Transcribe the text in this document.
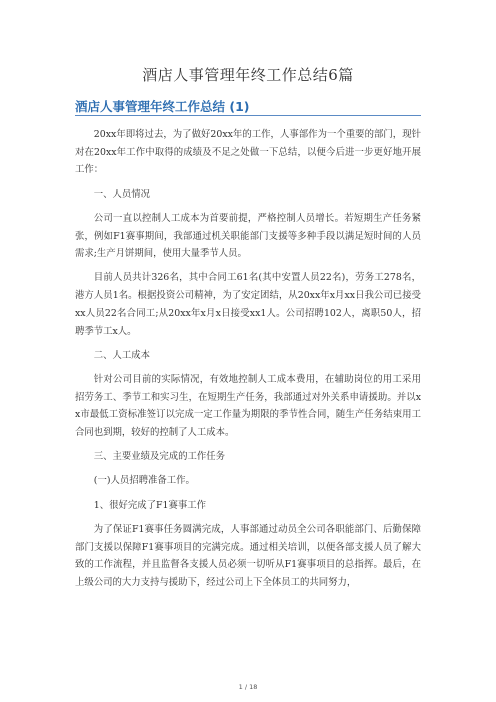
酒店人事管理年终工作总结6篇
酒店人事管理年终工作总结 (1)

20xx年即将过去，为了做好20xx年的工作，人事部作为一个重要的部门，现针对在20xx年工作中取得的成绩及不足之处做一下总结，以便今后进一步更好地开展工作：

一、人员情况

公司一直以控制人工成本为首要前提，严格控制人员增长。若短期生产任务紧张，例如F1赛事期间，我部通过机关职能部门支援等多种手段以满足短时间的人员需求;生产月饼期间，使用大量季节人员。

目前人员共计326名，其中合同工61名(其中安置人员22名)，劳务工278名，港方人员1名。根据投资公司精神，为了安定团结，从20xx年x月xx日我公司已接受xx人员22名合同工;从20xx年x月x日接受xx1人。公司招聘102人，离职50人，招聘季节工x人。

二、人工成本

针对公司目前的实际情况，有效地控制人工成本费用，在辅助岗位的用工采用招劳务工、季节工和实习生，在短期生产任务，我部通过对外关系申请援助。并以xx市最低工资标准签订以完成一定工作量为期限的季节性合同，随生产任务结束用工合同也到期，较好的控制了人工成本。

三、主要业绩及完成的工作任务

(一)人员招聘准备工作。

1、很好完成了F1赛事工作

为了保证F1赛事任务圆满完成，人事部通过动员全公司各职能部门、后勤保障部门支援以保障F1赛事项目的完满完成。通过相关培训，以便各部支援人员了解大致的工作流程，并且监督各支援人员必须一切听从F1赛事项目的总指挥。最后，在上级公司的大力支持与援助下，经过公司上下全体员工的共同努力，

1 / 18
